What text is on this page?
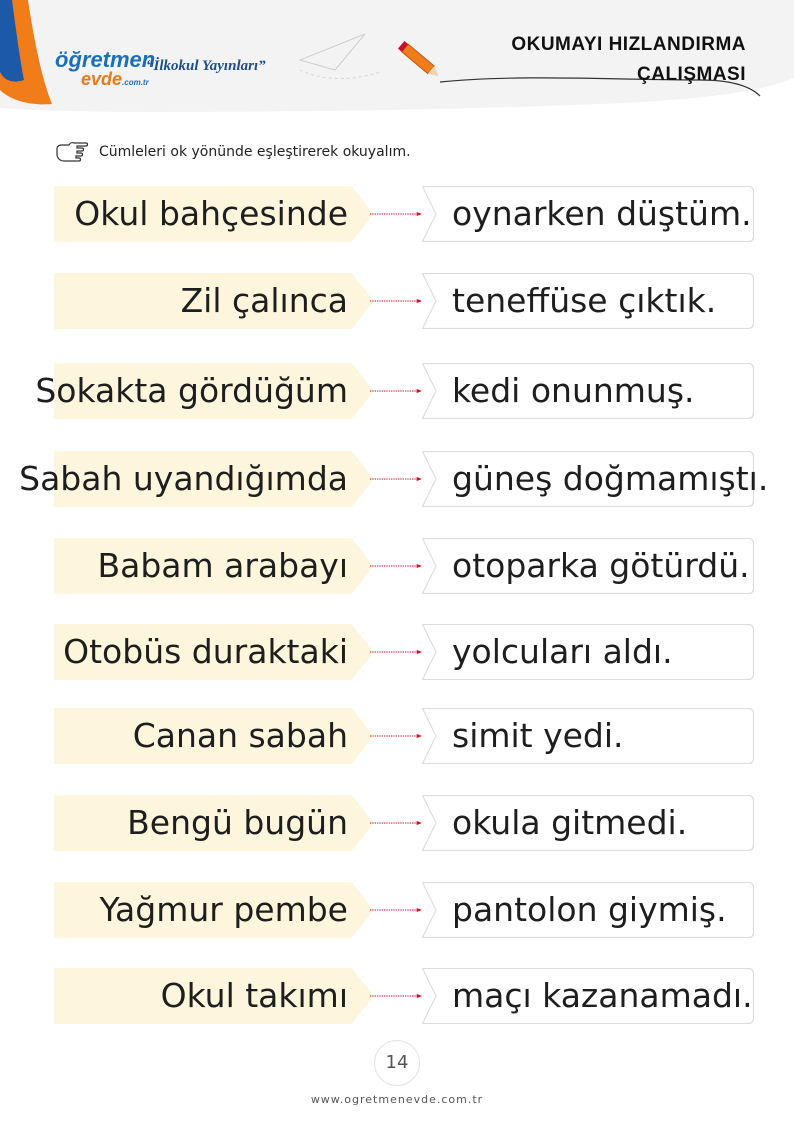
öğretmen
evde.com.tr
“İlkokul Yayınları”
OKUMAYI HIZLANDIRMA
ÇALIŞMASI
Cümleleri ok yönünde eşleştirerek okuyalım.
Okul bahçesinde	oynarken düştüm.
Zil çalınca	teneffüse çıktık.
Sokakta gördüğüm	kedi onunmuş.
Sabah uyandığımda	güneş doğmamıştı.
Babam arabayı	otoparka götürdü.
Otobüs duraktaki	yolcuları aldı.
Canan sabah	simit yedi.
Bengü bugün	okula gitmedi.
Yağmur pembe	pantolon giymiş.
Okul takımı	maçı kazanamadı.
14
www.ogretmenevde.com.tr
